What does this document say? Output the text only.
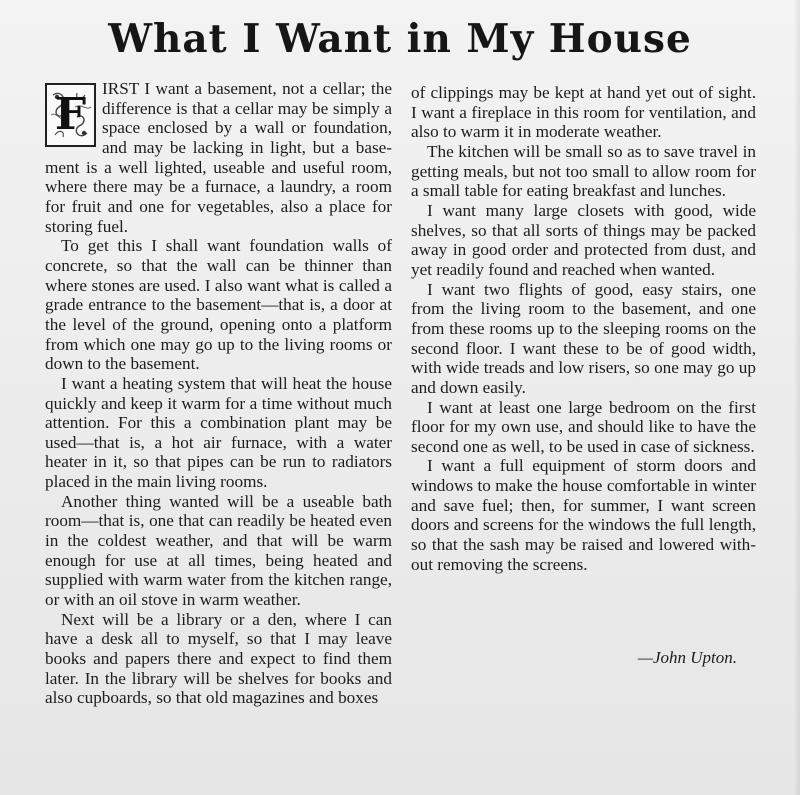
What I Want in My House

F
IRST I want a basement, not a cellar; the difference is that a cellar may be simply a space enclosed by a wall or foundation, and may be lacking in light, but a basement is a well lighted, useable and useful room, where there may be a furnace, a laundry, a room for fruit and one for vegetables, also a place for storing fuel.

To get this I shall want foundation walls of concrete, so that the wall can be thinner than where stones are used. I also want what is called a grade entrance to the basement—that is, a door at the level of the ground, opening onto a platform from which one may go up to the living rooms or down to the basement.

I want a heating system that will heat the house quickly and keep it warm for a time without much attention. For this a combination plant may be used—that is, a hot air furnace, with a water heater in it, so that pipes can be run to radiators placed in the main living rooms.

Another thing wanted will be a useable bath room—that is, one that can readily be heated even in the coldest weather, and that will be warm enough for use at all times, being heated and supplied with warm water from the kitchen range, or with an oil stove in warm weather.

Next will be a library or a den, where I can have a desk all to myself, so that I may leave books and papers there and expect to find them later. In the library will be shelves for books and also cupboards, so that old magazines and boxes

of clippings may be kept at hand yet out of sight. I want a fireplace in this room for ventilation, and also to warm it in moderate weather.

The kitchen will be small so as to save travel in getting meals, but not too small to allow room for a small table for eating breakfast and lunches.

I want many large closets with good, wide shelves, so that all sorts of things may be packed away in good order and protected from dust, and yet readily found and reached when wanted.

I want two flights of good, easy stairs, one from the living room to the basement, and one from these rooms up to the sleeping rooms on the second floor. I want these to be of good width, with wide treads and low risers, so one may go up and down easily.

I want at least one large bedroom on the first floor for my own use, and should like to have the second one as well, to be used in case of sickness.

I want a full equipment of storm doors and windows to make the house comfortable in winter and save fuel; then, for summer, I want screen doors and screens for the windows the full length, so that the sash may be raised and lowered without removing the screens.

—John Upton.
